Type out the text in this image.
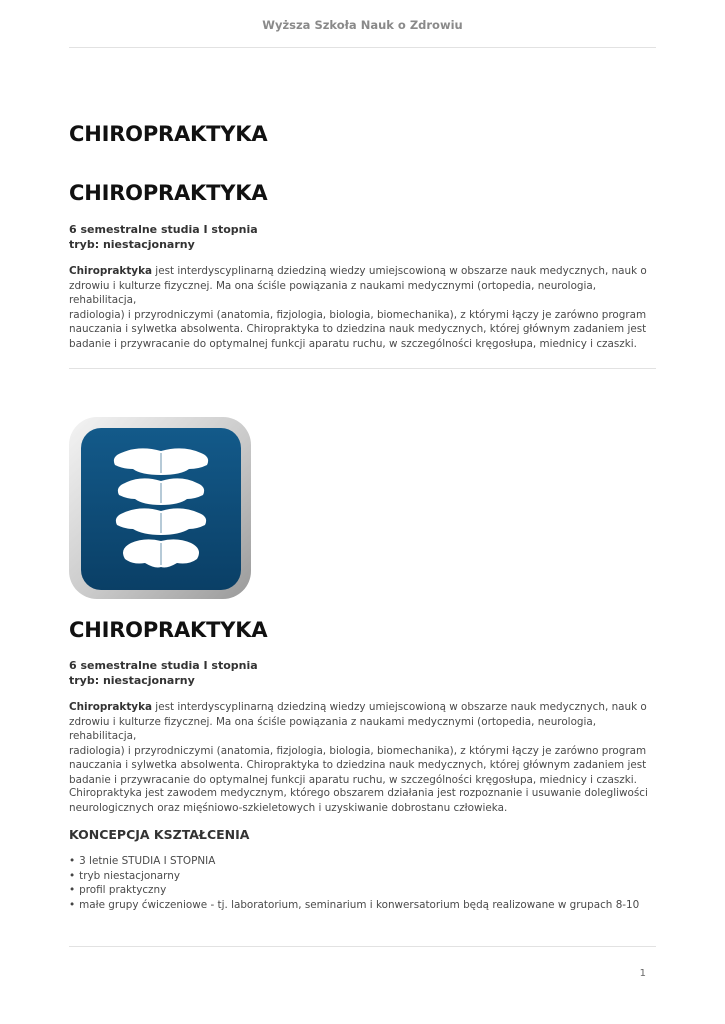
Wyższa Szkoła Nauk o Zdrowiu
CHIROPRAKTYKA
CHIROPRAKTYKA

6 semestralne studia I stopnia

tryb: niestacjonarny

Chiropraktyka jest interdyscyplinarną dziedziną wiedzy umiejscowioną w obszarze nauk medycznych, nauk o
zdrowiu i kulturze fizycznej. Ma ona ściśle powiązania z naukami medycznymi (ortopedia, neurologia, rehabilitacja,
radiologia) i przyrodniczymi (anatomia, fizjologia, biologia, biomechanika), z którymi łączy je zarówno program
nauczania i sylwetka absolwenta. Chiropraktyka to dziedzina nauk medycznych, której głównym zadaniem jest
badanie i przywracanie do optymalnej funkcji aparatu ruchu, w szczególności kręgosłupa, miednicy i czaszki.
CHIROPRAKTYKA

6 semestralne studia I stopnia

tryb: niestacjonarny

Chiropraktyka jest interdyscyplinarną dziedziną wiedzy umiejscowioną w obszarze nauk medycznych, nauk o
zdrowiu i kulturze fizycznej. Ma ona ściśle powiązania z naukami medycznymi (ortopedia, neurologia, rehabilitacja,
radiologia) i przyrodniczymi (anatomia, fizjologia, biologia, biomechanika), z którymi łączy je zarówno program
nauczania i sylwetka absolwenta. Chiropraktyka to dziedzina nauk medycznych, której głównym zadaniem jest
badanie i przywracanie do optymalnej funkcji aparatu ruchu, w szczególności kręgosłupa, miednicy i czaszki.
Chiropraktyka jest zawodem medycznym, którego obszarem działania jest rozpoznanie i usuwanie dolegliwości
neurologicznych oraz mięśniowo-szkieletowych i uzyskiwanie dobrostanu człowieka.
KONCEPCJA KSZTAŁCENIA
• 3 letnie STUDIA I STOPNIA
• tryb niestacjonarny
• profil praktyczny
• małe grupy ćwiczeniowe - tj. laboratorium, seminarium i konwersatorium będą realizowane w grupach 8-10
1
